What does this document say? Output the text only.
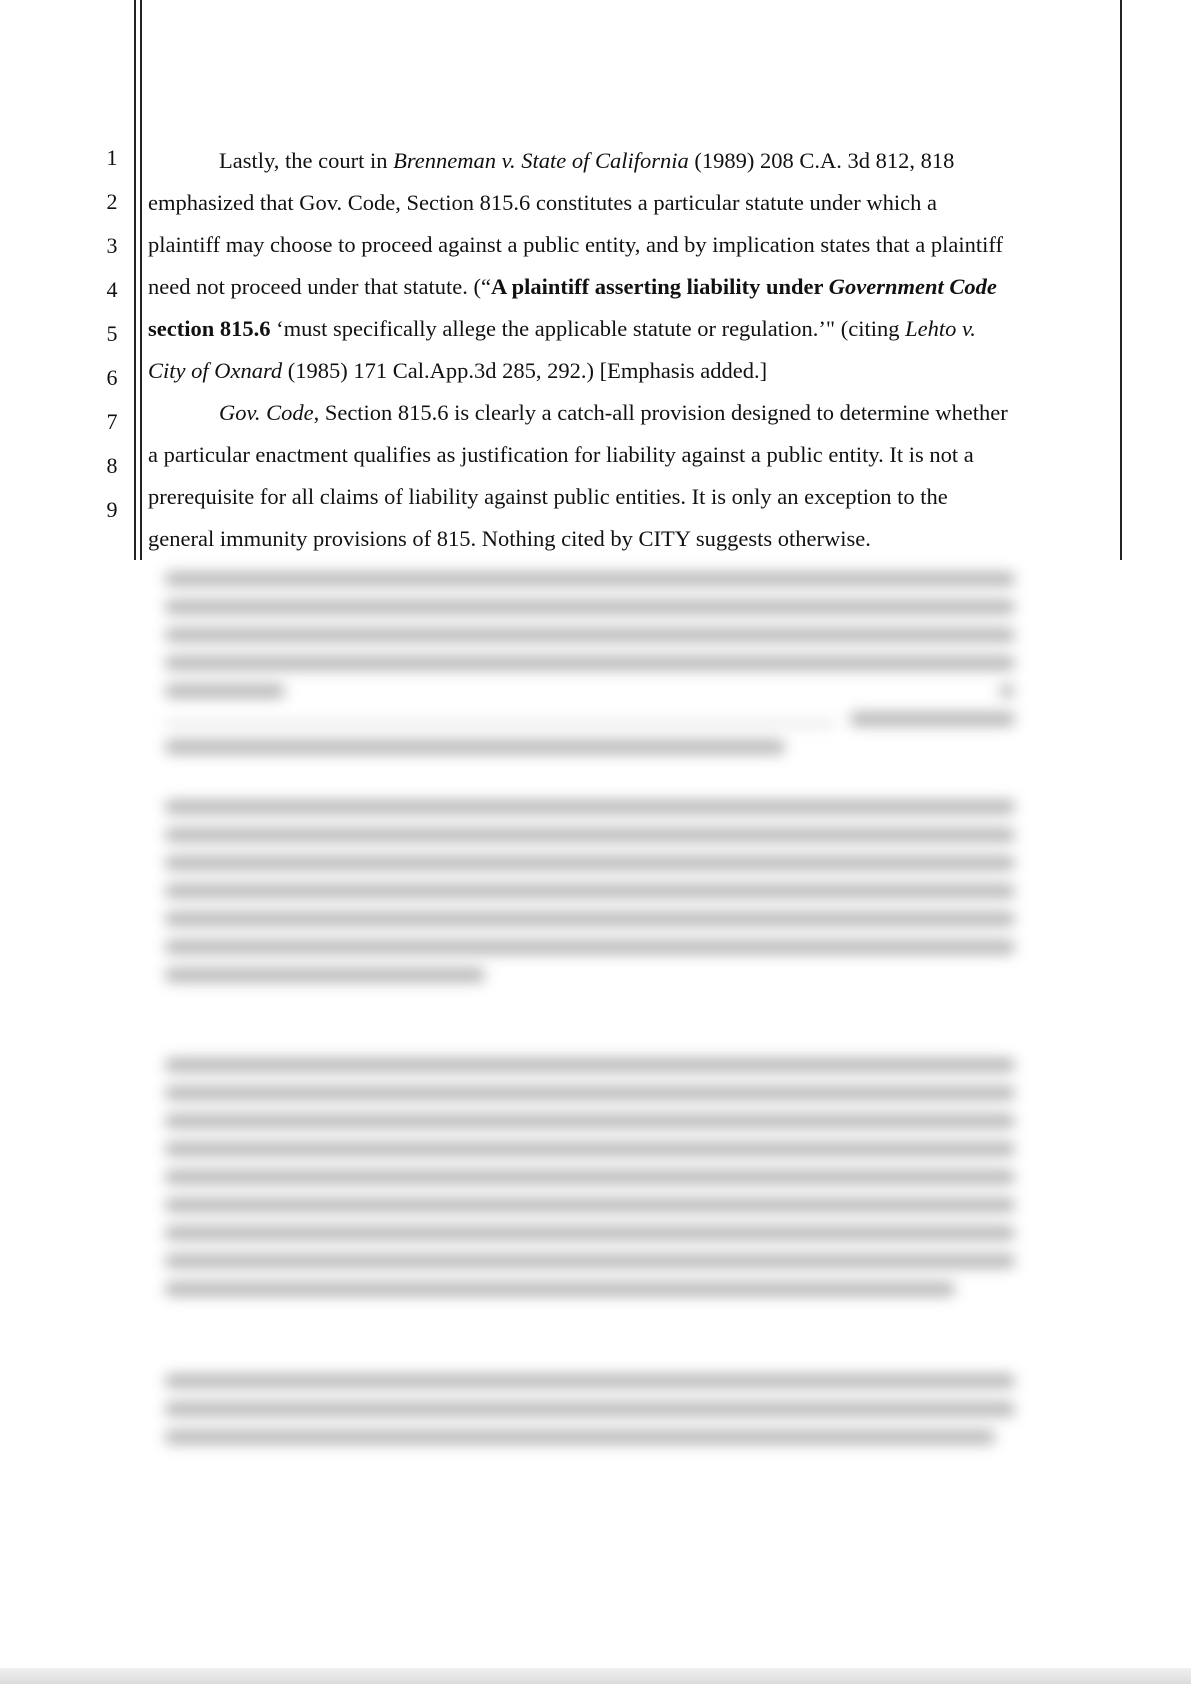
1
2
3
4
5
6
7
8
9

Lastly, the court in Brenneman v. State of California (1989) 208 C.A. 3d 812, 818

emphasized that Gov. Code, Section 815.6 constitutes a particular statute under which a

plaintiff may choose to proceed against a public entity, and by implication states that a plaintiff

need not proceed under that statute. (“A plaintiff asserting liability under Government Code

section 815.6 ‘must specifically allege the applicable statute or regulation.’" (citing Lehto v.

City of Oxnard (1985) 171 Cal.App.3d 285, 292.) [Emphasis added.]

Gov. Code, Section 815.6 is clearly a catch-all provision designed to determine whether

a particular enactment qualifies as justification for liability against a public entity. It is not a

prerequisite for all claims of liability against public entities. It is only an exception to the

general immunity provisions of 815. Nothing cited by CITY suggests otherwise.
